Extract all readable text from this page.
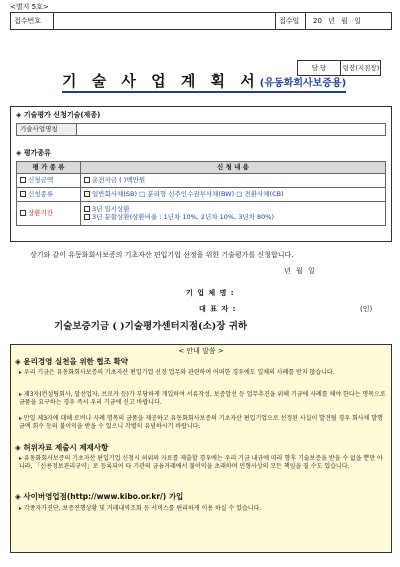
<별지 5호>
접수번호	접수일 20 년 월 일
담 당	팀장(지점장)
기 술 사 업 계 획 서(유동화회사보증용)
◈ 기술평가 신청기술(제종)
기술사업명칭	
◈ 평가종류
평 가 종 류	신 청 내 용
신청금액	운전자금 ( )백만원
신청종류	일반회사채(SB) □ 분리형 신주인수권부사채(BW) □ 전환사채(CB)
상환기간	3년 일시상환
3년 분할상환(상환비율 : 1년차 10%, 2년차 10%, 3년차 80%)
상기와 같이 유동화회사보증의 기초자산 편입기업 선정을 위한 기술평가를 신청합니다.
년 월 일
기 업 체 명 :
대 표 자 :	(인)
기술보증기금 ( )기술평가센터지점(소)장 귀하
< 안내 말씀 >
◈ 윤리경영 실천을 위한 협조 확약
▸ 우리 기금은 유동화회사보증의 기초자산 편입기업 선정 업무와 관련하여 어떠한 경우에도 일체의 사례를 받지 않습니다.
▸ 제3자(컨설팅회사, 알선업자, 브로커 등)가 부당하게 개입하여 서류작성, 보증알선 등 업무추진을 위해 기금에 사례를 해야 한다는 명목으로 금품을 요구하는 경우 즉시 우리 기금에 신고 바랍니다.
▸ 만일 제3자에 대해 로비나 사례 명목의 금품을 제공하고 유동화회사보증의 기초자산 편입기업으로 선정된 사실이 발견될 경우 회사채 발행금액 회수 등의 불이익을 받을 수 있으니 각별히 유념하시기 바랍니다.
◈ 허위자료 제출시 제재사항
▸ 유동화회사보증의 기초자산 편입기업 신청시 허위의 자료를 제출할 경우에는 우리 기금 내규에 따라 향후 기술보증을 받을 수 없을 뿐만 아니라, 「신용정보관리규약」로 등록되어 타 기관의 금융거래에서 불이익을 초래하며 민형사상의 모든 책임을 질 수도 있습니다.
◈ 사이버영업점(http://www.kibo.or.kr/) 가입
▸ 각종자가진단, 보증진행상황 및 거래내역조회 등 서비스를 편리하게 이용 하실 수 있습니다.
